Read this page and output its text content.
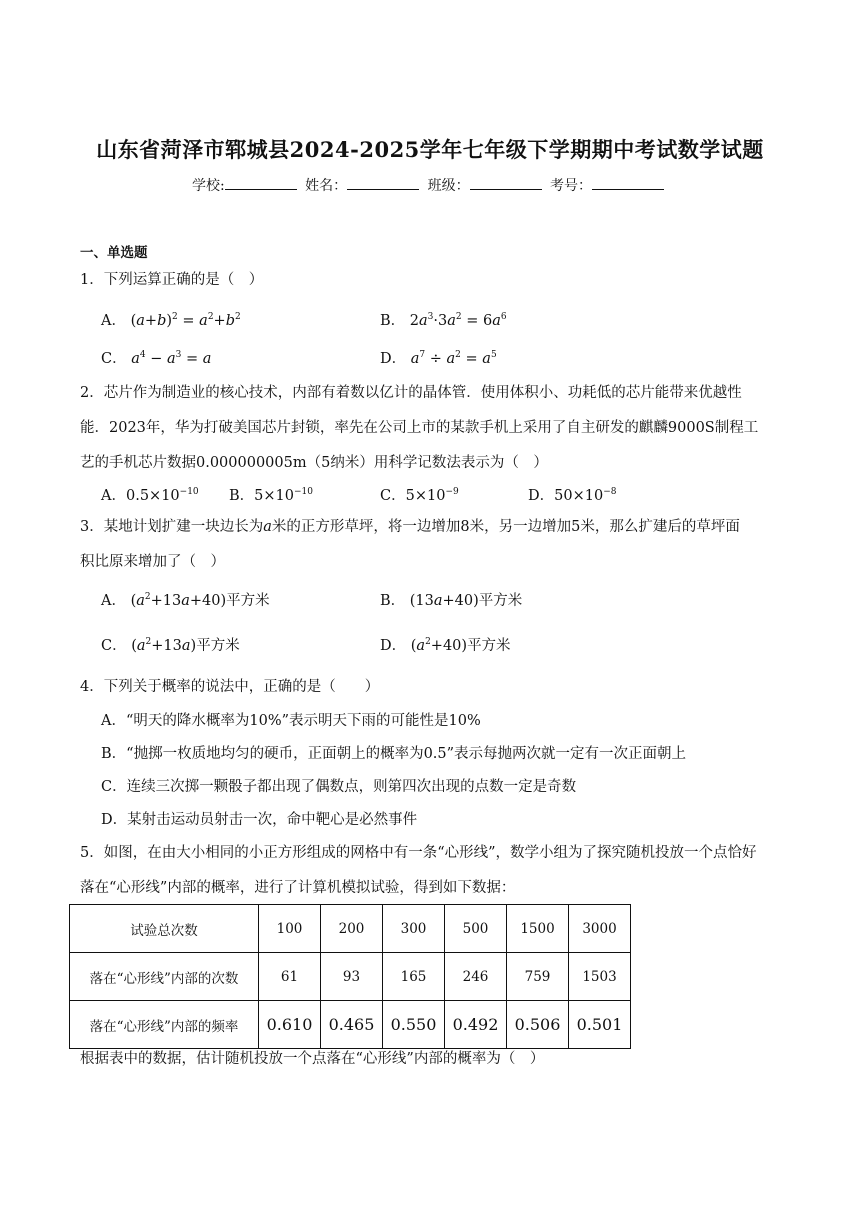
山东省菏泽市郓城县2024-2025学年七年级下学期期中考试数学试题
学校:	姓名：	班级：	考号：
一、单选题
1．下列运算正确的是（　）
A． $(a+b)^2 = a^2+b^2$	B． $2a^3\cdot 3a^2 = 6a^6$
C． $a^4 - a^3 = a$	D． $a^7 \div a^2 = a^5$
2．芯片作为制造业的核心技术，内部有着数以亿计的晶体管．使用体积小、功耗低的芯片能带来优越性
能．2023年，华为打破美国芯片封锁，率先在公司上市的某款手机上采用了自主研发的麒麟9000S制程工
艺的手机芯片数据0.000000005m（5纳米）用科学记数法表示为（　）
A．$0.5\times 10^{-10}$ B．$5\times 10^{-10}$	C．$5\times 10^{-9}$	D．$50\times 10^{-8}$
3．某地计划扩建一块边长为a米的正方形草坪，将一边增加8米，另一边增加5米，那么扩建后的草坪面
积比原来增加了（　）
A． $(a^2+13a+40)$平方米	B． (13a+40)平方米
C． $(a^2+13a)$平方米	D． $(a^2+40)$平方米
4．下列关于概率的说法中，正确的是（　　）
A．“明天的降水概率为10%”表示明天下雨的可能性是10%
B．“抛掷一枚质地均匀的硬币，正面朝上的概率为0.5”表示每抛两次就一定有一次正面朝上
C．连续三次掷一颗骰子都出现了偶数点，则第四次出现的点数一定是奇数
D．某射击运动员射击一次，命中靶心是必然事件
5．如图，在由大小相同的小正方形组成的网格中有一条“心形线”，数学小组为了探究随机投放一个点恰好
落在“心形线”内部的概率，进行了计算机模拟试验，得到如下数据：
试验总次数	100	200	300	500	1500	3000
落在“心形线”内部的次数	61	93	165	246	759	1503
落在“心形线”内部的频率	0.610	0.465	0.550	0.492	0.506	0.501
根据表中的数据，估计随机投放一个点落在“心形线”内部的概率为（　）
